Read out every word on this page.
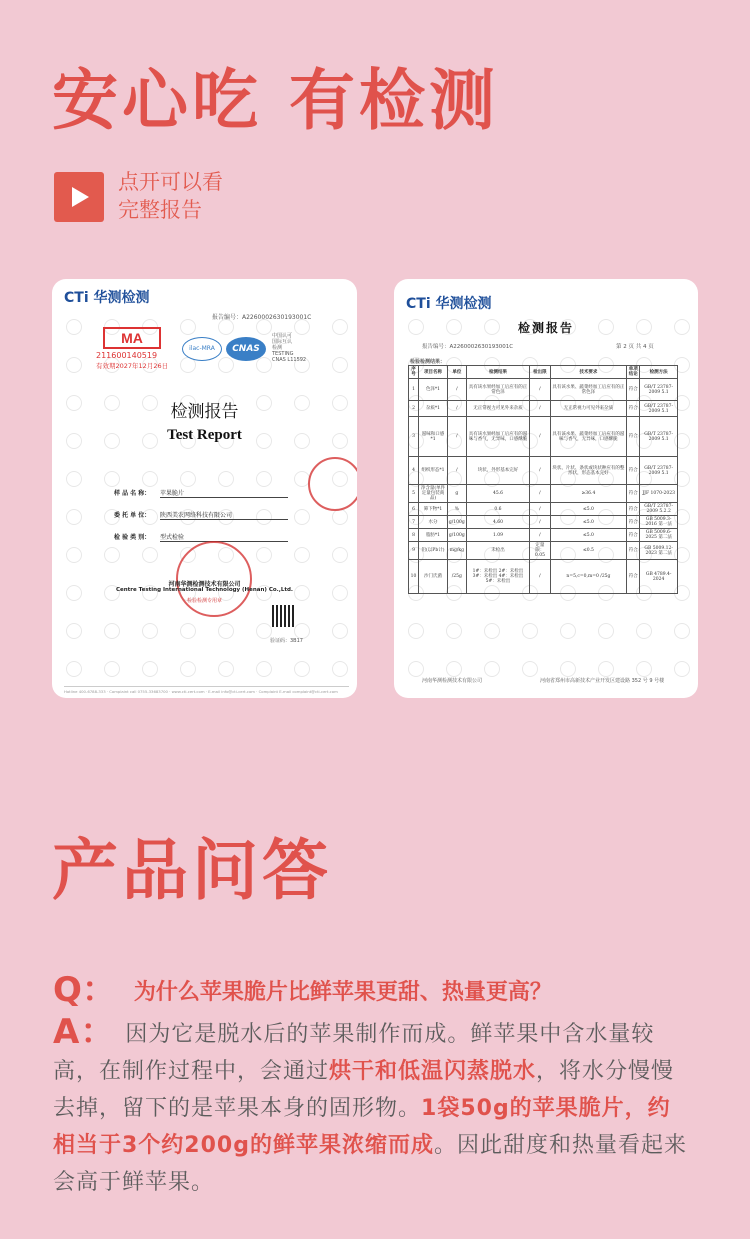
安心吃 有检测
点开可以看
完整报告
CTi 华测检测
报告编号：A2260002630193001C
MA
211600140519
有效期2027年12月26日
ilac-MRA	CNAS
中国认可
国际互认
检测
TESTING
CNAS L11592
检测报告
Test Report
样 品 名 称： 苹果脆片
委 托 单 位： 陕西美农网络科技有限公司
检 验 类 别： 型式检验
河南华测检测技术有限公司
Centre Testing International Technology (Henan) Co.,Ltd.
检验检测专用章
验证码：3B17
Hotline 400-6788-333 · Complaint call 0755-33683700 · www.cti-cert.com · E-mail info@cti-cert.com · Complaint E-mail complaint@cti-cert.com
CTi 华测检测
检测报告
报告编号：A2260002630193001C	第 2 页 共 4 页
检验检测结果：
序号	项目名称	单位	检测结果	检出限	技术要求	单项结论	检测方法
1	色泽*1	/	具有该水果经加工后应有的正常色泽	/	具有该水果、蔬菜经加工后应有的正常色泽	符合	GB/T 23787-2009 5.1
2	杂质*1	/	无正常视力可见外来杂质	/	无正常视力可见外来杂质	符合	GB/T 23787-2009 5.1
3	滋味和口感*1	/	具有该水果经加工后应有的滋味与香气，无异味，口感酥脆	/	具有该水果、蔬菜经加工后应有的滋味与香气，无异味，口感酥脆	符合	GB/T 23787-2009 5.1
4	组织形态*1	/	块状，外形基本完好	/	块状、片状、条状或块状种应有的整形状，形态基本完好	符合	GB/T 23787-2009 5.1
5	净含量(单件定量包装商品)	g	45.6	/	≥36.4	符合	JJF 1070-2023
6	筛下物*1	%	0.6	/	≤5.0	符合	GB/T 23787-2009 5.2.2
7	水分	g/100g	4.60	/	≤5.0	符合	GB 5009.3-2016 第一法
8	脂肪*1	g/100g	1.09	/	≤5.0	符合	GB 5009.6-2025 第二法
9	铅(以Pb计)	mg/kg	未检出	定量限：0.05	≤0.5	符合	GB 5009.12-2023 第二法
10	沙门氏菌	/25g	1#：未检出 2#：未检出 3#：未检出 4#：未检出 5#：未检出	/	n=5,c=0,m=0 /25g	符合	GB 4789.4-2024
河南华测检测技术有限公司	河南省郑州市高新技术产业开发区建设路 352 号 9 号楼
产品问答
Q： 为什么苹果脆片比鲜苹果更甜、热量更高？
A： 因为它是脱水后的苹果制作而成。鲜苹果中含水量较高，在制作过程中，会通过烘干和低温闪蒸脱水，将水分慢慢去掉，留下的是苹果本身的固形物。1袋50g的苹果脆片，约相当于3个约200g的鲜苹果浓缩而成。因此甜度和热量看起来会高于鲜苹果。
